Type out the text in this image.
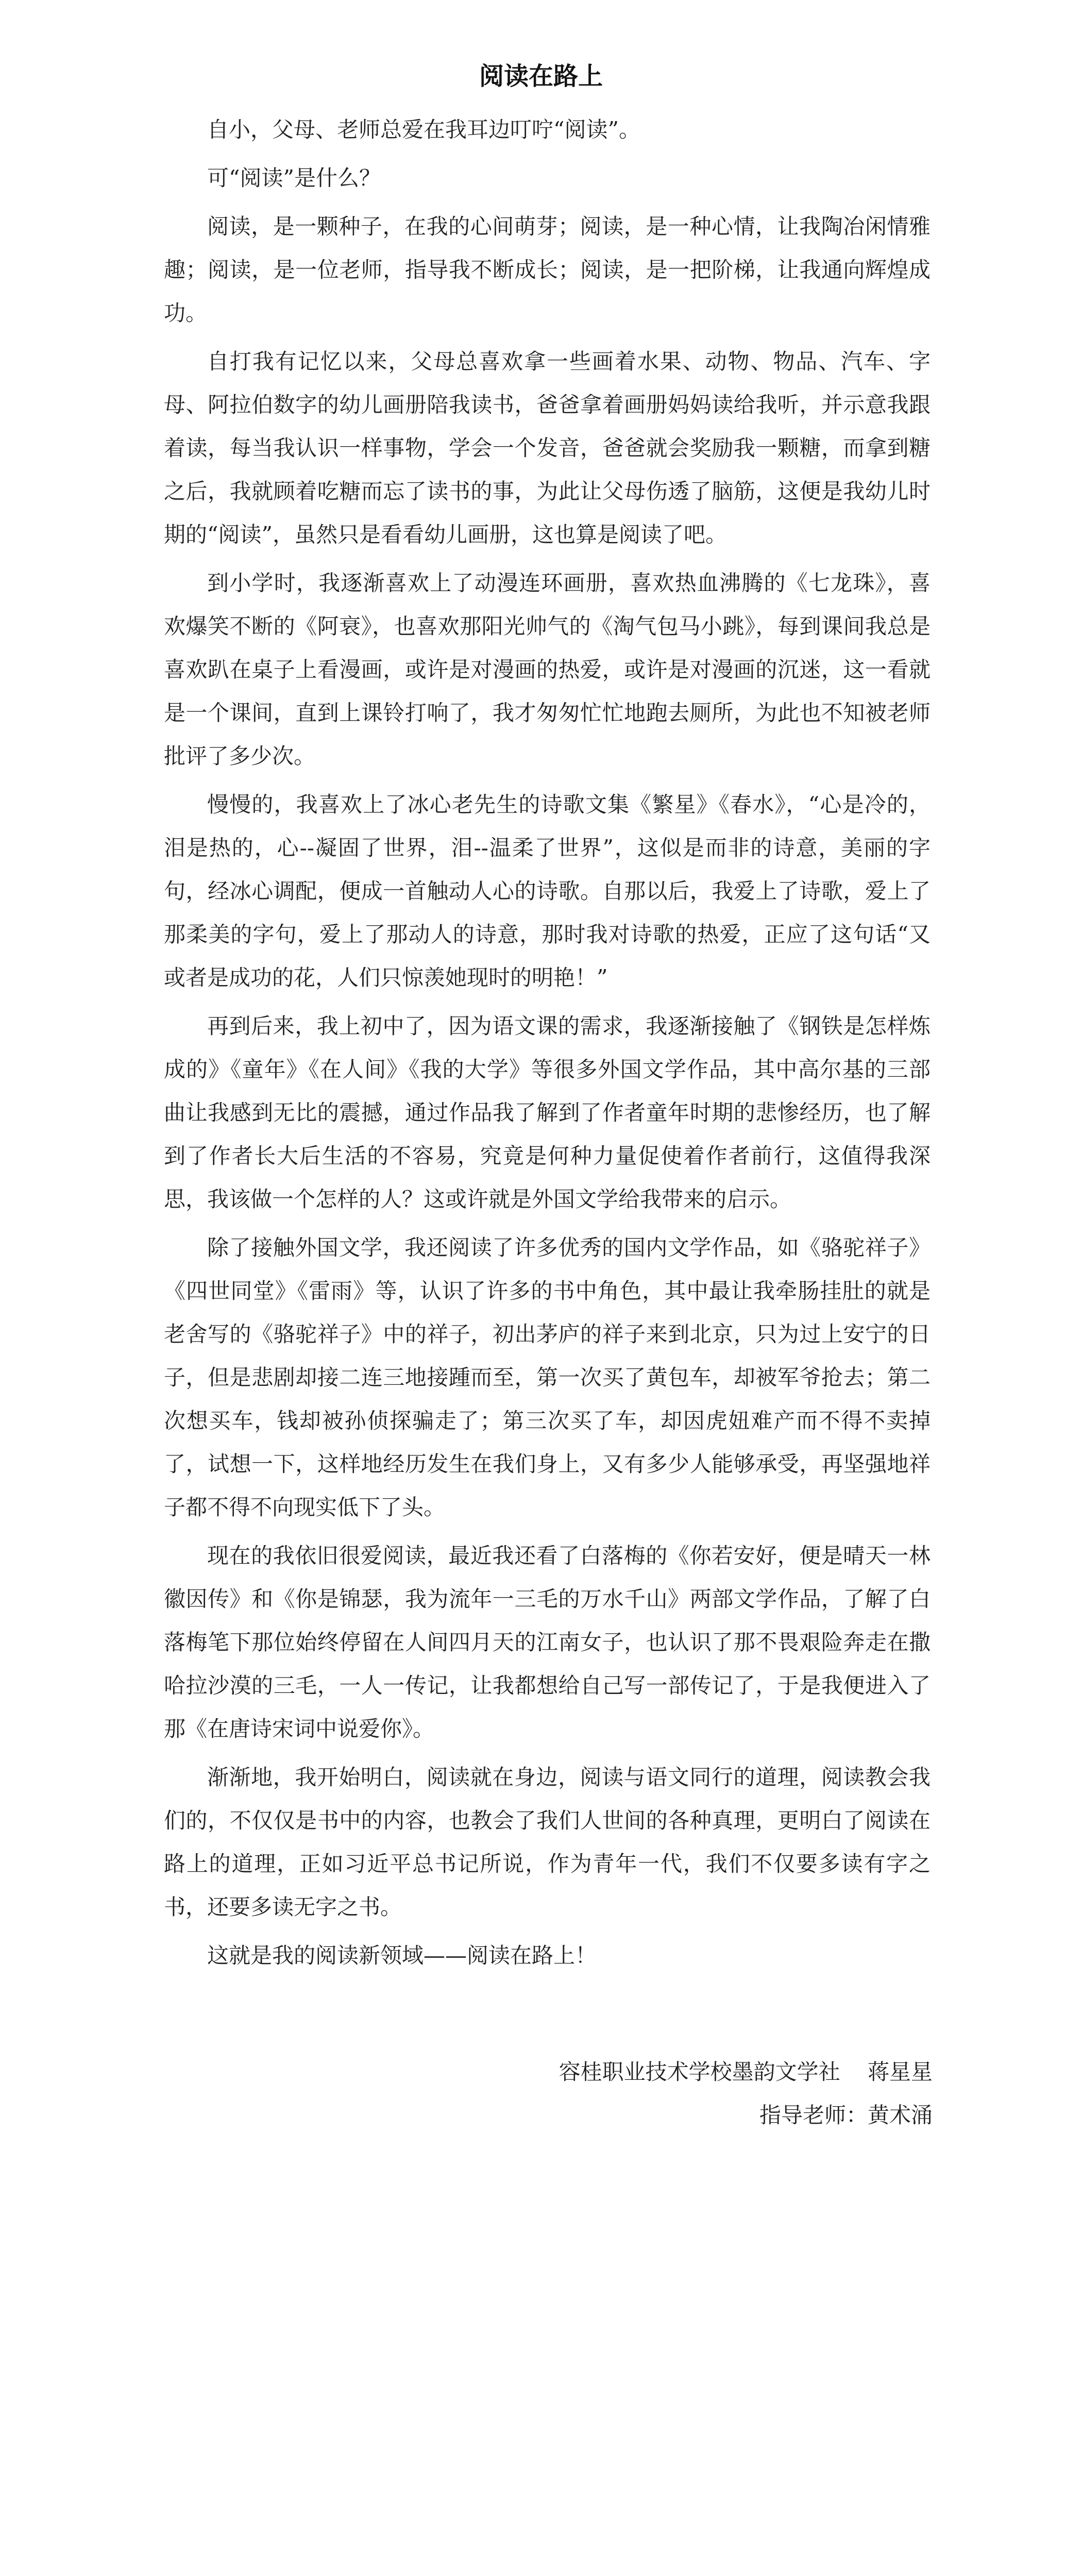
阅读在路上

自小，父母、老师总爱在我耳边叮咛“阅读”。

可“阅读”是什么？

阅读，是一颗种子，在我的心间萌芽；阅读，是一种心情，让我陶冶闲情雅趣；阅读，是一位老师，指导我不断成长；阅读，是一把阶梯，让我通向辉煌成功。

自打我有记忆以来，父母总喜欢拿一些画着水果、动物、物品、汽车、字母、阿拉伯数字的幼儿画册陪我读书，爸爸拿着画册妈妈读给我听，并示意我跟着读，每当我认识一样事物，学会一个发音，爸爸就会奖励我一颗糖，而拿到糖之后，我就顾着吃糖而忘了读书的事，为此让父母伤透了脑筋，这便是我幼儿时期的“阅读”，虽然只是看看幼儿画册，这也算是阅读了吧。

到小学时，我逐渐喜欢上了动漫连环画册，喜欢热血沸腾的《七龙珠》，喜欢爆笑不断的《阿衰》，也喜欢那阳光帅气的《淘气包马小跳》，每到课间我总是喜欢趴在桌子上看漫画，或许是对漫画的热爱，或许是对漫画的沉迷，这一看就是一个课间，直到上课铃打响了，我才匆匆忙忙地跑去厕所，为此也不知被老师批评了多少次。

慢慢的，我喜欢上了冰心老先生的诗歌文集《繁星》《春水》，“心是冷的，泪是热的，心--凝固了世界，泪--温柔了世界”，这似是而非的诗意，美丽的字句，经冰心调配，便成一首触动人心的诗歌。自那以后，我爱上了诗歌，爱上了那柔美的字句，爱上了那动人的诗意，那时我对诗歌的热爱，正应了这句话“又或者是成功的花，人们只惊羡她现时的明艳！”

再到后来，我上初中了，因为语文课的需求，我逐渐接触了《钢铁是怎样炼成的》《童年》《在人间》《我的大学》等很多外国文学作品，其中高尔基的三部曲让我感到无比的震撼，通过作品我了解到了作者童年时期的悲惨经历，也了解到了作者长大后生活的不容易，究竟是何种力量促使着作者前行，这值得我深思，我该做一个怎样的人？这或许就是外国文学给我带来的启示。

除了接触外国文学，我还阅读了许多优秀的国内文学作品，如《骆驼祥子》《四世同堂》《雷雨》等，认识了许多的书中角色，其中最让我牵肠挂肚的就是老舍写的《骆驼祥子》中的祥子，初出茅庐的祥子来到北京，只为过上安宁的日子，但是悲剧却接二连三地接踵而至，第一次买了黄包车，却被军爷抢去；第二次想买车，钱却被孙侦探骗走了；第三次买了车，却因虎妞难产而不得不卖掉了，试想一下，这样地经历发生在我们身上，又有多少人能够承受，再坚强地祥子都不得不向现实低下了头。

现在的我依旧很爱阅读，最近我还看了白落梅的《你若安好，便是晴天一林徽因传》和《你是锦瑟，我为流年一三毛的万水千山》两部文学作品，了解了白落梅笔下那位始终停留在人间四月天的江南女子，也认识了那不畏艰险奔走在撒哈拉沙漠的三毛，一人一传记，让我都想给自己写一部传记了，于是我便进入了那《在唐诗宋词中说爱你》。

渐渐地，我开始明白，阅读就在身边，阅读与语文同行的道理，阅读教会我们的，不仅仅是书中的内容，也教会了我们人世间的各种真理，更明白了阅读在路上的道理，正如习近平总书记所说，作为青年一代，我们不仅要多读有字之书，还要多读无字之书。

这就是我的阅读新领域——阅读在路上！

容桂职业技术学校墨韵文学社    蒋星星
指导老师：黄术涌
